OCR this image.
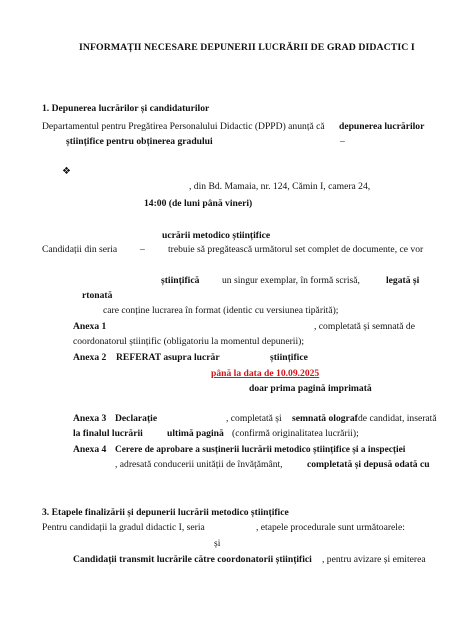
INFORMAȚII NECESARE DEPUNERII LUCRĂRII DE GRAD DIDACTIC I
1. Depunerea lucrărilor și candidaturilor
Departamentul pentru Pregătirea Personalului Didactic (DPPD) anunță că depunerea lucrărilor
științifice pentru obținerea gradului	–
❖
, din Bd. Mamaia, nr. 124, Cămin I, camera 24,
14:00 (de luni până vineri)
ucrării metodico științifice
Candidații din seria – trebuie să pregătească următorul set complet de documente, ce vor
științifică un singur exemplar, în formă scrisă,	legată și
rtonată
care conține lucrarea în format (identic cu versiunea tipărită);
Anexa 1	, completată și semnată de
coordonatorul științific (obligatoriu la momentul depunerii);
Anexa 2 REFERAT asupra lucrăr	științifice
până la data de 10.09.2025
doar prima pagină imprimată
Anexa 3 Declarație	, completată și semnată olograf de candidat, inserată
la finalul lucrării	ultimă pagină (confirmă originalitatea lucrării);
Anexa 4 Cerere de aprobare a susținerii lucrării metodico științifice și a inspecției
, adresată conducerii unității de învățământ,	completată și depusă odată cu
3. Etapele finalizării și depunerii lucrării metodico științifice
Pentru candidații la gradul didactic I, seria	, etapele procedurale sunt următoarele:
și
Candidații transmit lucrările către coordonatorii științifici , pentru avizare și emiterea
